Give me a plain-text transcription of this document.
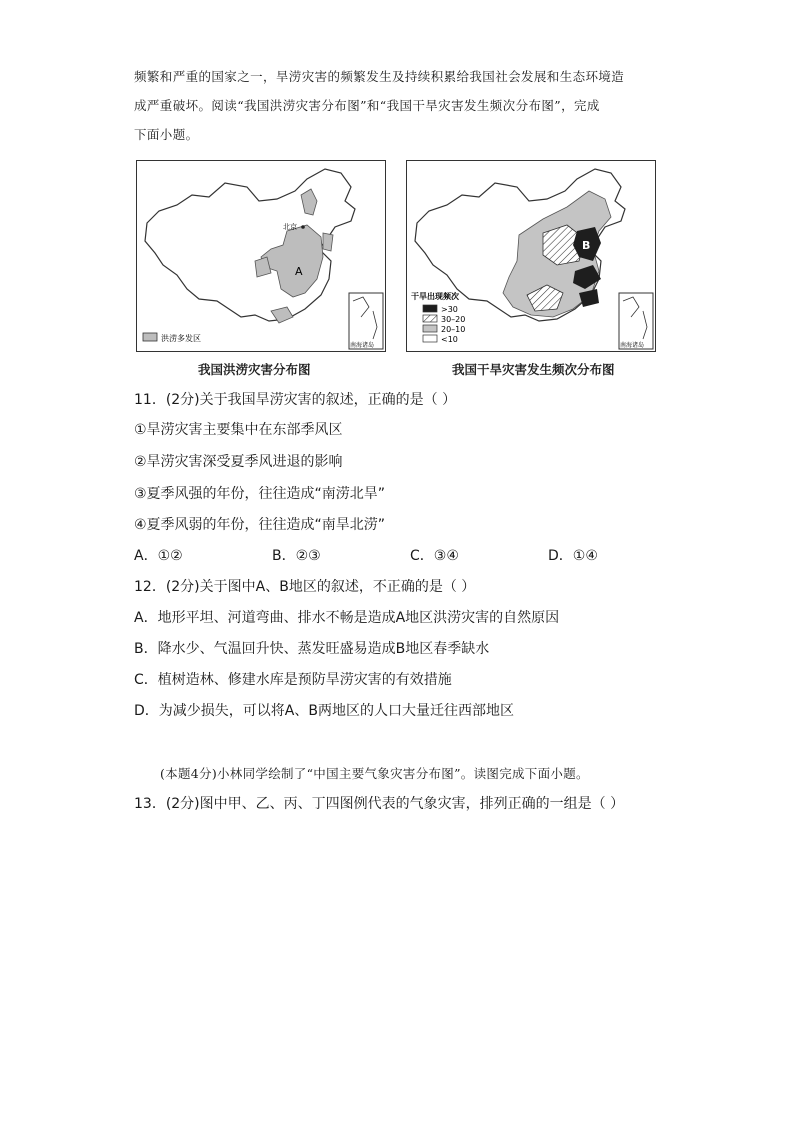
频繁和严重的国家之一，旱涝灾害的频繁发生及持续积累给我国社会发展和生态环境造
成严重破坏。阅读“我国洪涝灾害分布图”和“我国干旱灾害发生频次分布图”，完成
下面小题。
A
北京
南海诸岛
洪涝多发区
我国洪涝灾害分布图
B
南海诸岛
干旱出现频次
>30
30–20
20–10
<10
我国干旱灾害发生频次分布图
11．(2分)关于我国旱涝灾害的叙述，正确的是（ ）
①旱涝灾害主要集中在东部季风区
②旱涝灾害深受夏季风进退的影响
③夏季风强的年份，往往造成“南涝北旱”
④夏季风弱的年份，往往造成“南旱北涝”
A．①②	B．②③	C．③④	D．①④
12．(2分)关于图中A、B地区的叙述，不正确的是（ ）
A．地形平坦、河道弯曲、排水不畅是造成A地区洪涝灾害的自然原因
B．降水少、气温回升快、蒸发旺盛易造成B地区春季缺水
C．植树造林、修建水库是预防旱涝灾害的有效措施
D．为减少损失，可以将A、B两地区的人口大量迁往西部地区
(本题4分)小林同学绘制了“中国主要气象灾害分布图”。读图完成下面小题。
13．(2分)图中甲、乙、丙、丁四图例代表的气象灾害，排列正确的一组是（ ）
